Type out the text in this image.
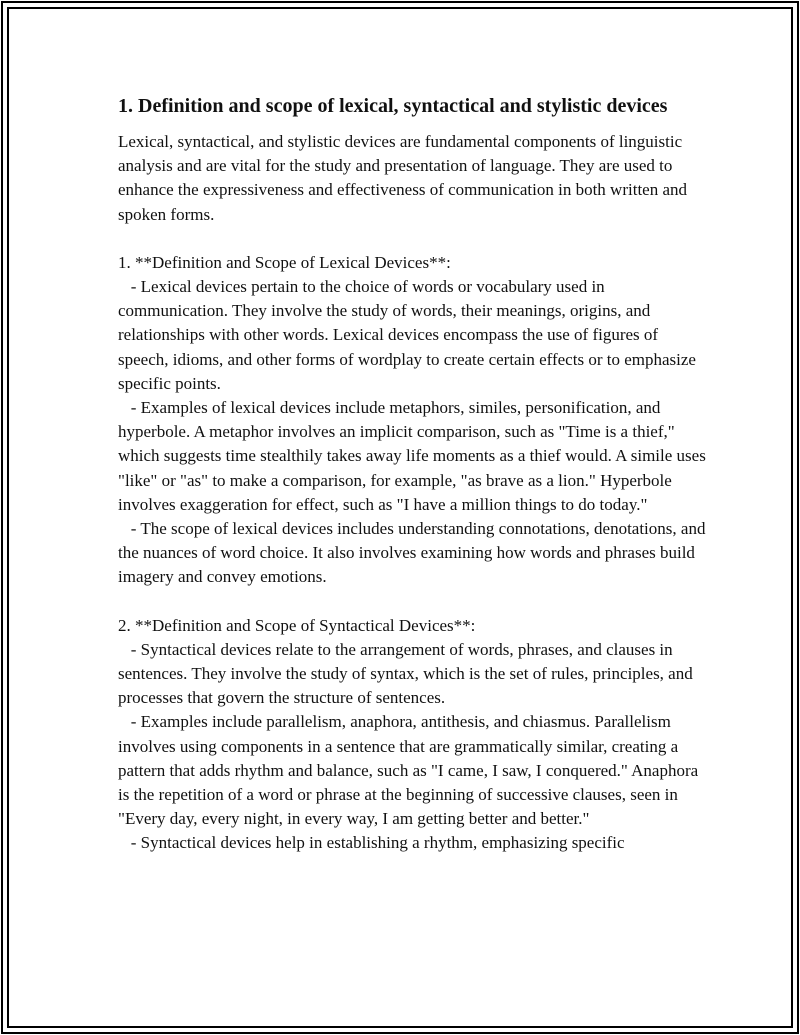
1. Definition and scope of lexical, syntactical and stylistic devices

Lexical, syntactical, and stylistic devices are fundamental components of linguistic analysis and are vital for the study and presentation of language. They are used to enhance the expressiveness and effectiveness of communication in both written and spoken forms.

1. **Definition and Scope of Lexical Devices**:

- Lexical devices pertain to the choice of words or vocabulary used in communication. They involve the study of words, their meanings, origins, and relationships with other words. Lexical devices encompass the use of figures of speech, idioms, and other forms of wordplay to create certain effects or to emphasize specific points.

- Examples of lexical devices include metaphors, similes, personification, and hyperbole. A metaphor involves an implicit comparison, such as "Time is a thief," which suggests time stealthily takes away life moments as a thief would. A simile uses "like" or "as" to make a comparison, for example, "as brave as a lion." Hyperbole involves exaggeration for effect, such as "I have a million things to do today."

- The scope of lexical devices includes understanding connotations, denotations, and the nuances of word choice. It also involves examining how words and phrases build imagery and convey emotions.

2. **Definition and Scope of Syntactical Devices**:

- Syntactical devices relate to the arrangement of words, phrases, and clauses in sentences. They involve the study of syntax, which is the set of rules, principles, and processes that govern the structure of sentences.

- Examples include parallelism, anaphora, antithesis, and chiasmus. Parallelism involves using components in a sentence that are grammatically similar, creating a pattern that adds rhythm and balance, such as "I came, I saw, I conquered." Anaphora is the repetition of a word or phrase at the beginning of successive clauses, seen in "Every day, every night, in every way, I am getting better and better."

- Syntactical devices help in establishing a rhythm, emphasizing specific
